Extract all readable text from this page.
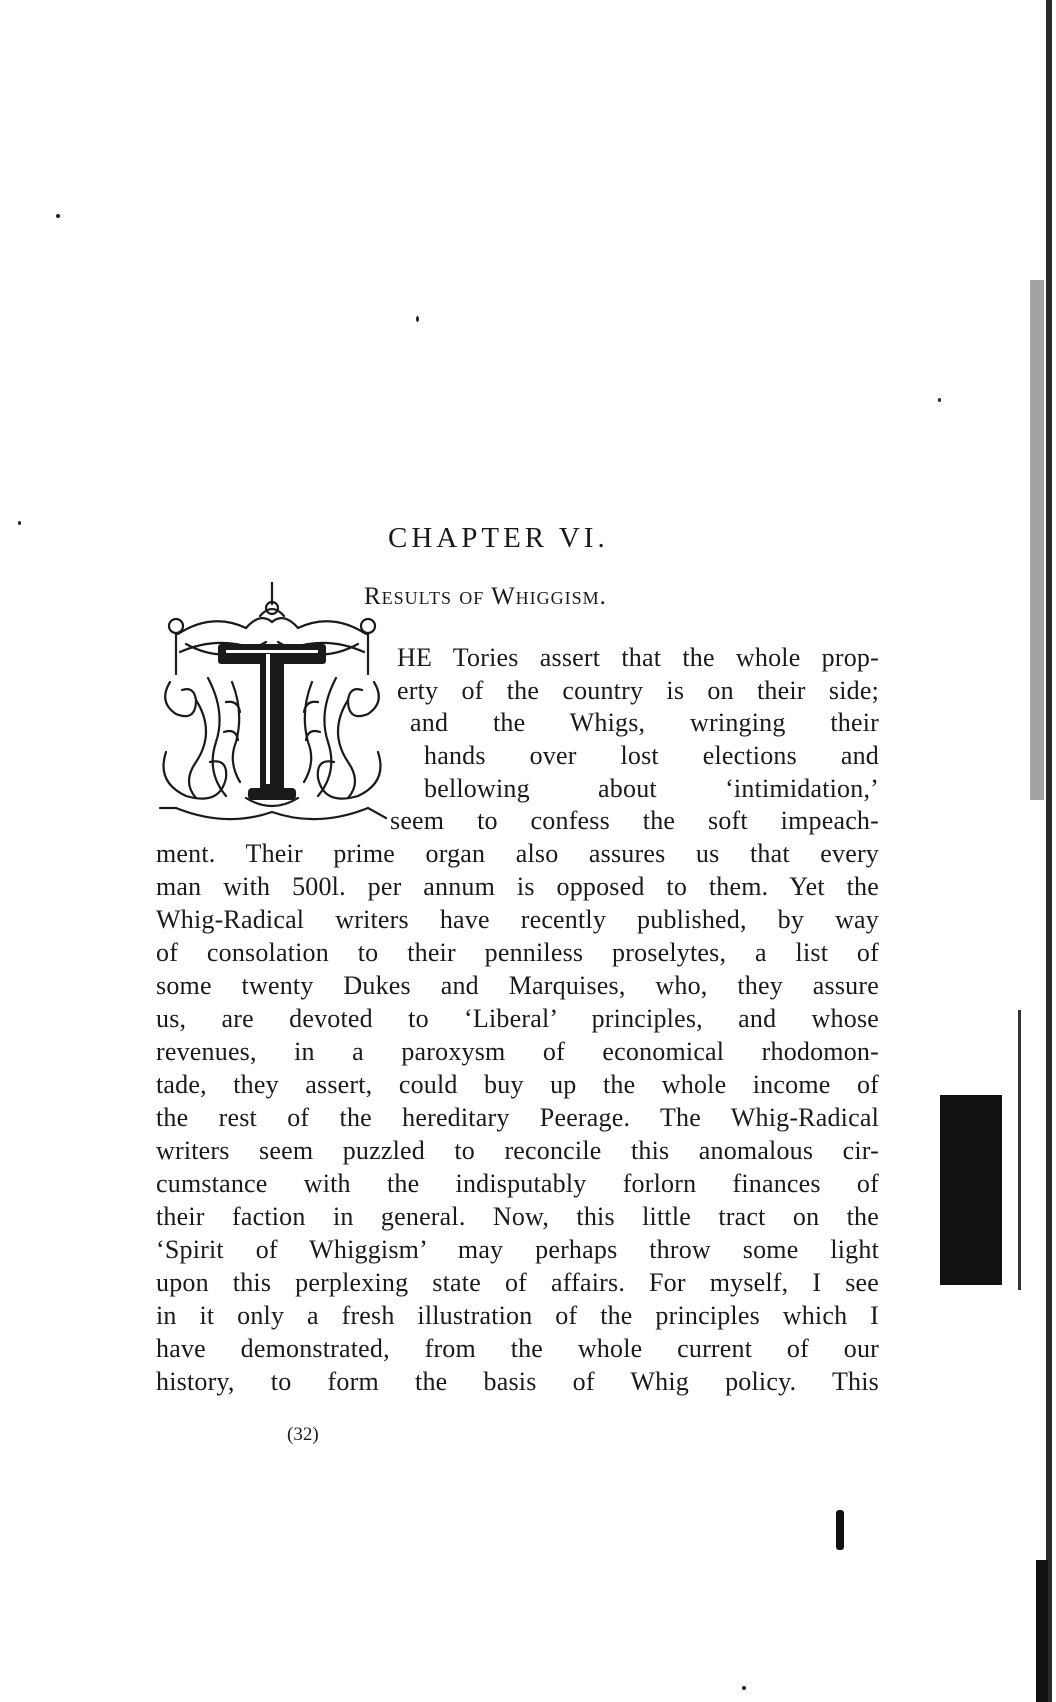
CHAPTER VI.
Results of Whiggism.
HE Tories assert that the whole prop-
erty of the country is on their side;
and the Whigs, wringing their
hands over lost elections and
bellowing about ‘intimidation,’
seem to confess the soft impeach-
ment. Their prime organ also assures us that every
man with 500l. per annum is opposed to them. Yet the
Whig-Radical writers have recently published, by way
of consolation to their penniless proselytes, a list of
some twenty Dukes and Marquises, who, they assure
us, are devoted to ‘Liberal’ principles, and whose
revenues, in a paroxysm of economical rhodomon-
tade, they assert, could buy up the whole income of
the rest of the hereditary Peerage. The Whig-Radical
writers seem puzzled to reconcile this anomalous cir-
cumstance with the indisputably forlorn finances of
their faction in general. Now, this little tract on the
‘Spirit of Whiggism’ may perhaps throw some light
upon this perplexing state of affairs. For myself, I see
in it only a fresh illustration of the principles which I
have demonstrated, from the whole current of our
history, to form the basis of Whig policy. This
(32)
